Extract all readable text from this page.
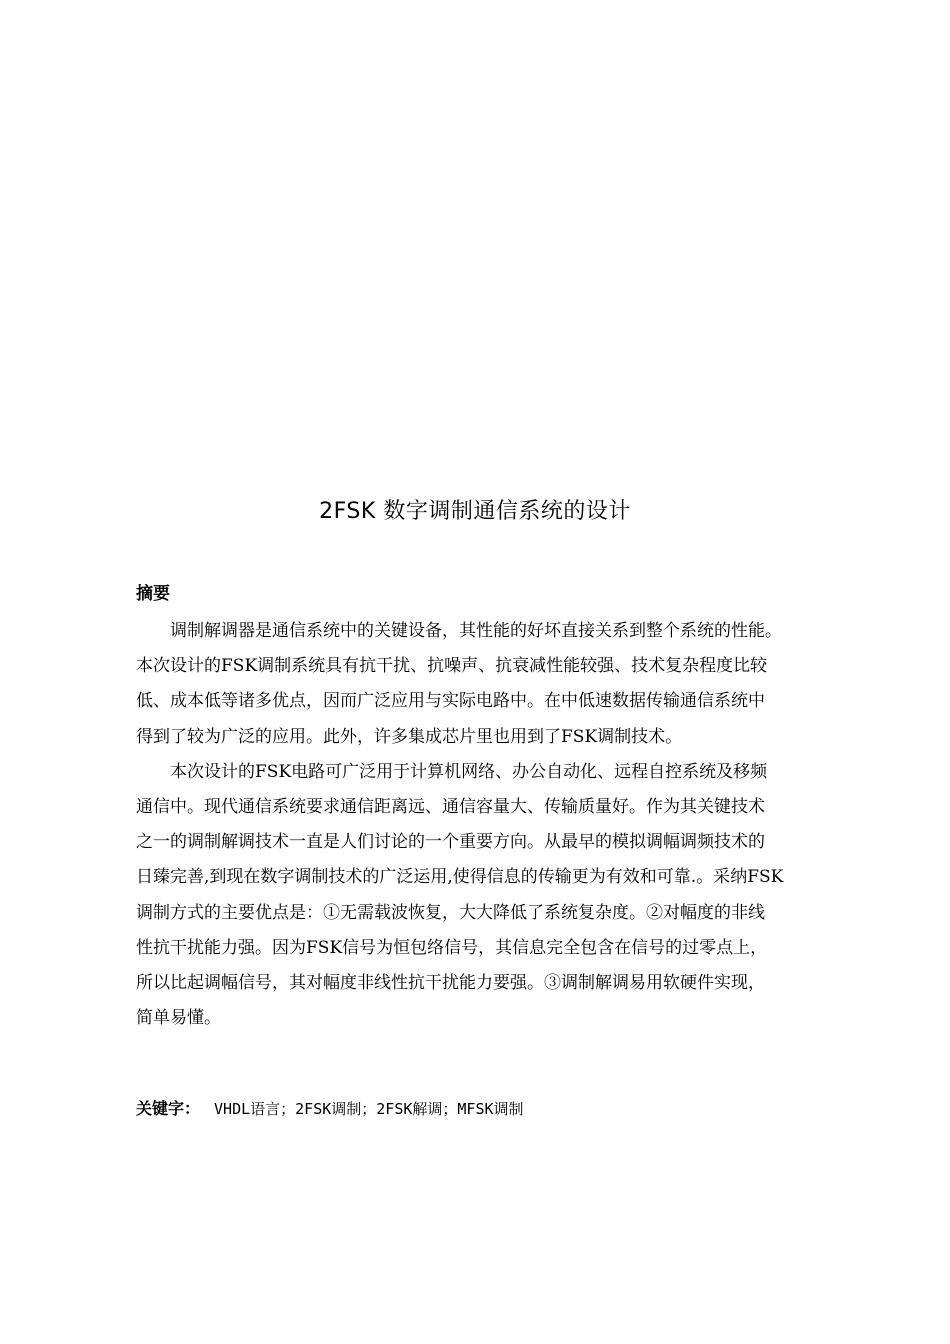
2FSK 数字调制通信系统的设计
摘要

调制解调器是通信系统中的关键设备，其性能的好坏直接关系到整个系统的性能。
本次设计的FSK调制系统具有抗干扰、抗噪声、抗衰减性能较强、技术复杂程度比较
低、成本低等诸多优点，因而广泛应用与实际电路中。在中低速数据传输通信系统中
得到了较为广泛的应用。此外，许多集成芯片里也用到了FSK调制技术。

本次设计的FSK电路可广泛用于计算机网络、办公自动化、远程自控系统及移频
通信中。现代通信系统要求通信距离远、通信容量大、传输质量好。作为其关键技术
之一的调制解调技术一直是人们讨论的一个重要方向。从最早的模拟调幅调频技术的
日臻完善,到现在数字调制技术的广泛运用,使得信息的传输更为有效和可靠.。采纳FSK
调制方式的主要优点是：①无需载波恢复，大大降低了系统复杂度。②对幅度的非线
性抗干扰能力强。因为FSK信号为恒包络信号，其信息完全包含在信号的过零点上，
所以比起调幅信号，其对幅度非线性抗干扰能力要强。③调制解调易用软硬件实现，
简单易懂。

关键字： VHDL语言；2FSK调制；2FSK解调；MFSK调制
